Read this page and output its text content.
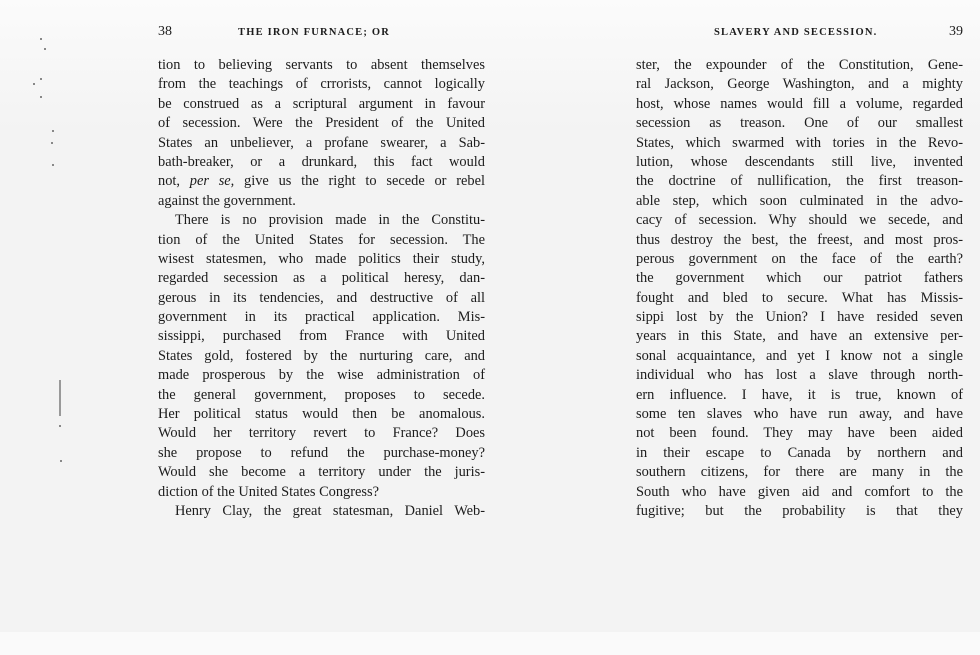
38	THE IRON FURNACE; OR
tion to believing servants to absent themselves
from the teachings of crrorists, cannot logically
be construed as a scriptural argument in favour
of secession. Were the President of the United
States an unbeliever, a profane swearer, a Sab-
bath-breaker, or a drunkard, this fact would
not, per se, give us the right to secede or rebel
against the government.
There is no provision made in the Constitu-
tion of the United States for secession. The
wisest statesmen, who made politics their study,
regarded secession as a political heresy, dan-
gerous in its tendencies, and destructive of all
government in its practical application. Mis-
sissippi, purchased from France with United
States gold, fostered by the nurturing care, and
made prosperous by the wise administration of
the general government, proposes to secede.
Her political status would then be anomalous.
Would her territory revert to France? Does
she propose to refund the purchase-money?
Would she become a territory under the juris-
diction of the United States Congress?
Henry Clay, the great statesman, Daniel Web-
SLAVERY AND SECESSION.	39
ster, the expounder of the Constitution, Gene-
ral Jackson, George Washington, and a mighty
host, whose names would fill a volume, regarded
secession as treason. One of our smallest
States, which swarmed with tories in the Revo-
lution, whose descendants still live, invented
the doctrine of nullification, the first treason-
able step, which soon culminated in the advo-
cacy of secession. Why should we secede, and
thus destroy the best, the freest, and most pros-
perous government on the face of the earth?
the government which our patriot fathers
fought and bled to secure. What has Missis-
sippi lost by the Union? I have resided seven
years in this State, and have an extensive per-
sonal acquaintance, and yet I know not a single
individual who has lost a slave through north-
ern influence. I have, it is true, known of
some ten slaves who have run away, and have
not been found. They may have been aided
in their escape to Canada by northern and
southern citizens, for there are many in the
South who have given aid and comfort to the
fugitive; but the probability is that they
